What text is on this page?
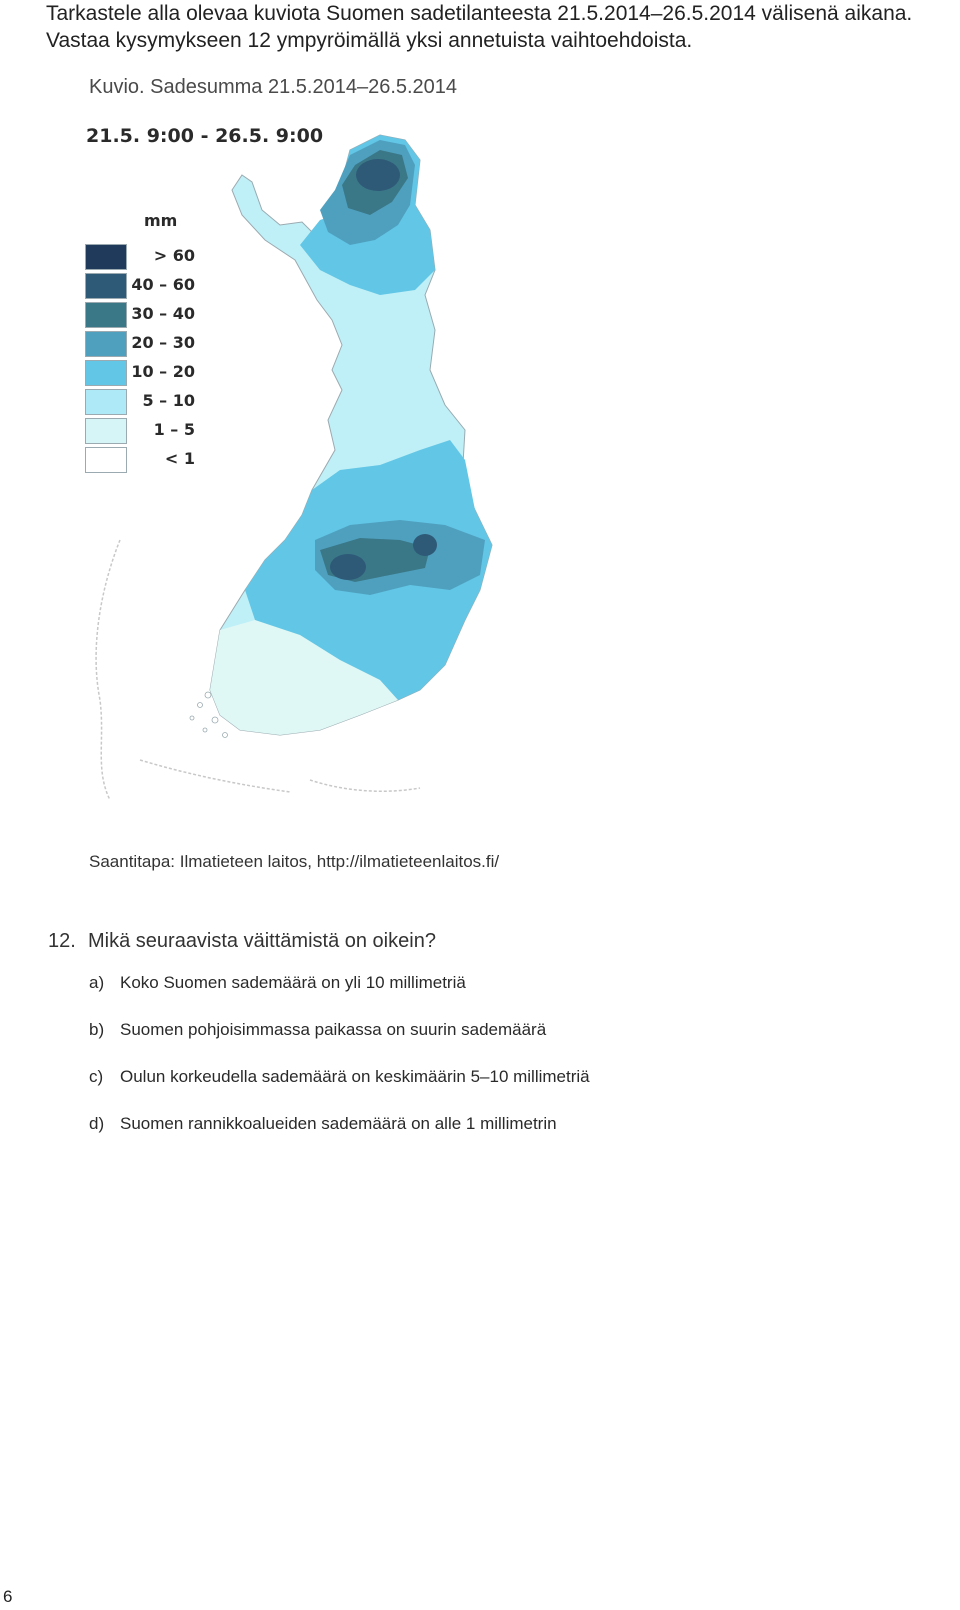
Tarkastele alla olevaa kuviota Suomen sadetilanteesta 21.5.2014–26.5.2014 välisenä aikana.
Vastaa kysymykseen 12 ympyröimällä yksi annetuista vaihtoehdoista.
Kuvio. Sadesumma 21.5.2014–26.5.2014
21.5. 9:00 - 26.5. 9:00
mm
> 60
40 – 60
30 – 40
20 – 30
10 – 20
5 – 10
1 – 5
< 1
Saantitapa: Ilmatieteen laitos, http://ilmatieteenlaitos.fi/
12. Mikä seuraavista väittämistä on oikein?
a) Koko Suomen sademäärä on yli 10 millimetriä
b) Suomen pohjoisimmassa paikassa on suurin sademäärä
c) Oulun korkeudella sademäärä on keskimäärin 5–10 millimetriä
d) Suomen rannikkoalueiden sademäärä on alle 1 millimetrin
6
